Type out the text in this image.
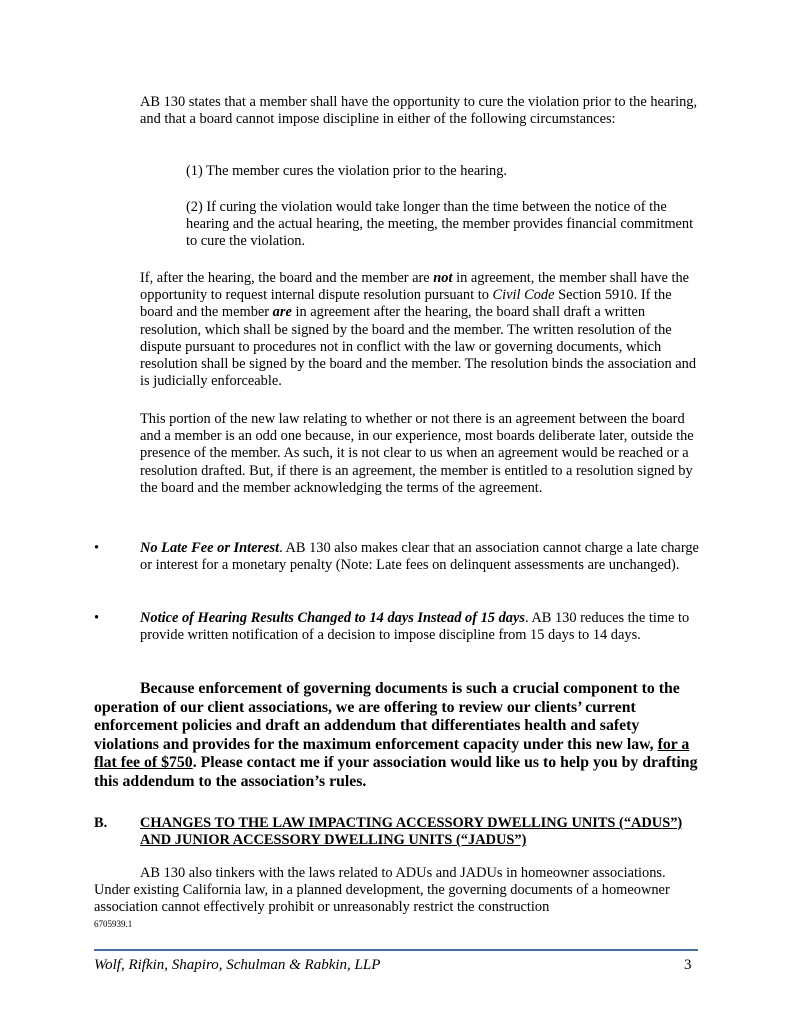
AB 130 states that a member shall have the opportunity to cure the violation prior to the hearing, and that a board cannot impose discipline in either of the following circumstances:

(1) The member cures the violation prior to the hearing.

(2) If curing the violation would take longer than the time between the notice of the hearing and the actual hearing, the meeting, the member provides financial commitment to cure the violation.

If, after the hearing, the board and the member are not in agreement, the member shall have the opportunity to request internal dispute resolution pursuant to Civil Code Section 5910. If the board and the member are in agreement after the hearing, the board shall draft a written resolution, which shall be signed by the board and the member. The written resolution of the dispute pursuant to procedures not in conflict with the law or governing documents, which resolution shall be signed by the board and the member. The resolution binds the association and is judicially enforceable.

This portion of the new law relating to whether or not there is an agreement between the board and a member is an odd one because, in our experience, most boards deliberate later, outside the presence of the member. As such, it is not clear to us when an agreement would be reached or a resolution drafted. But, if there is an agreement, the member is entitled to a resolution signed by the board and the member acknowledging the terms of the agreement.

•	No Late Fee or Interest. AB 130 also makes clear that an association cannot charge a late charge or interest for a monetary penalty (Note: Late fees on delinquent assessments are unchanged).

•	Notice of Hearing Results Changed to 14 days Instead of 15 days. AB 130 reduces the time to provide written notification of a decision to impose discipline from 15 days to 14 days.

Because enforcement of governing documents is such a crucial component to the operation of our client associations, we are offering to review our clients’ current enforcement policies and draft an addendum that differentiates health and safety violations and provides for the maximum enforcement capacity under this new law, for a flat fee of $750. Please contact me if your association would like us to help you by drafting this addendum to the association’s rules.

B. CHANGES TO THE LAW IMPACTING ACCESSORY DWELLING UNITS (“ADUS”) AND JUNIOR ACCESSORY DWELLING UNITS (“JADUS”)

AB 130 also tinkers with the laws related to ADUs and JADUs in homeowner associations. Under existing California law, in a planned development, the governing documents of a homeowner association cannot effectively prohibit or unreasonably restrict the construction

6705939.1
Wolf, Rifkin, Shapiro, Schulman & Rabkin, LLP	3
